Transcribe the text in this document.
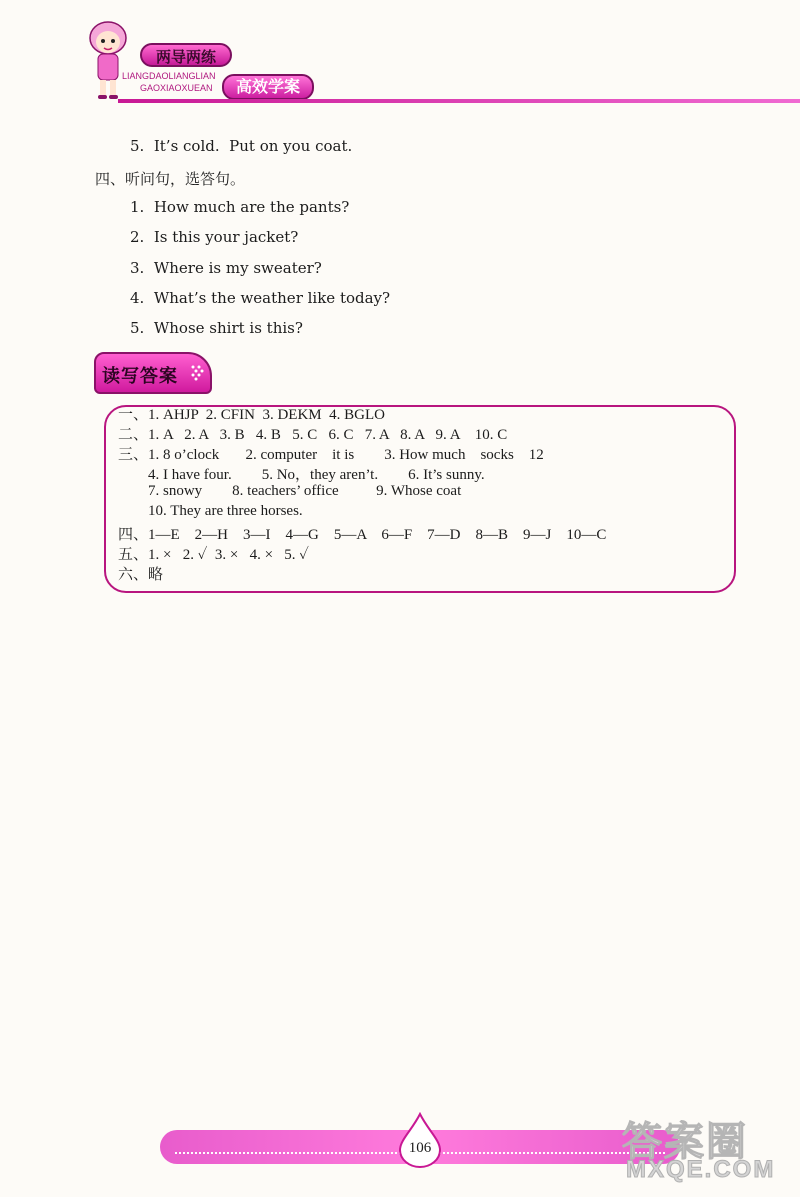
两导两练
LIANGDAOLIANGLIAN
GAOXIAOXUEAN	高效学案
5.  It’s cold.  Put on you coat.
四、听问句，选答句。
1.  How much are the pants?
2.  Is this your jacket?
3.  Where is my sweater?
4.  What’s the weather like today?
5.  Whose shirt is this?
读写答案
一、1. AHJP  2. CFIN  3. DEKM  4. BGLO
二、1. A   2. A   3. B   4. B   5. C   6. C   7. A   8. A   9. A    10. C
三、1. 8 o’clock       2. computer    it is        3. How much    socks    12
4. I have four.        5. No，they aren’t.        6. It’s sunny.
7. snowy        8. teachers’ office          9. Whose coat
10. They are three horses.
四、1—E    2—H    3—I    4—G    5—A    6—F    7—D    8—B    9—J    10—C
五、1. ×   2. ✓  3. ×   4. ×   5. ✓
六、略
106	答案圈
MXQE.COM
